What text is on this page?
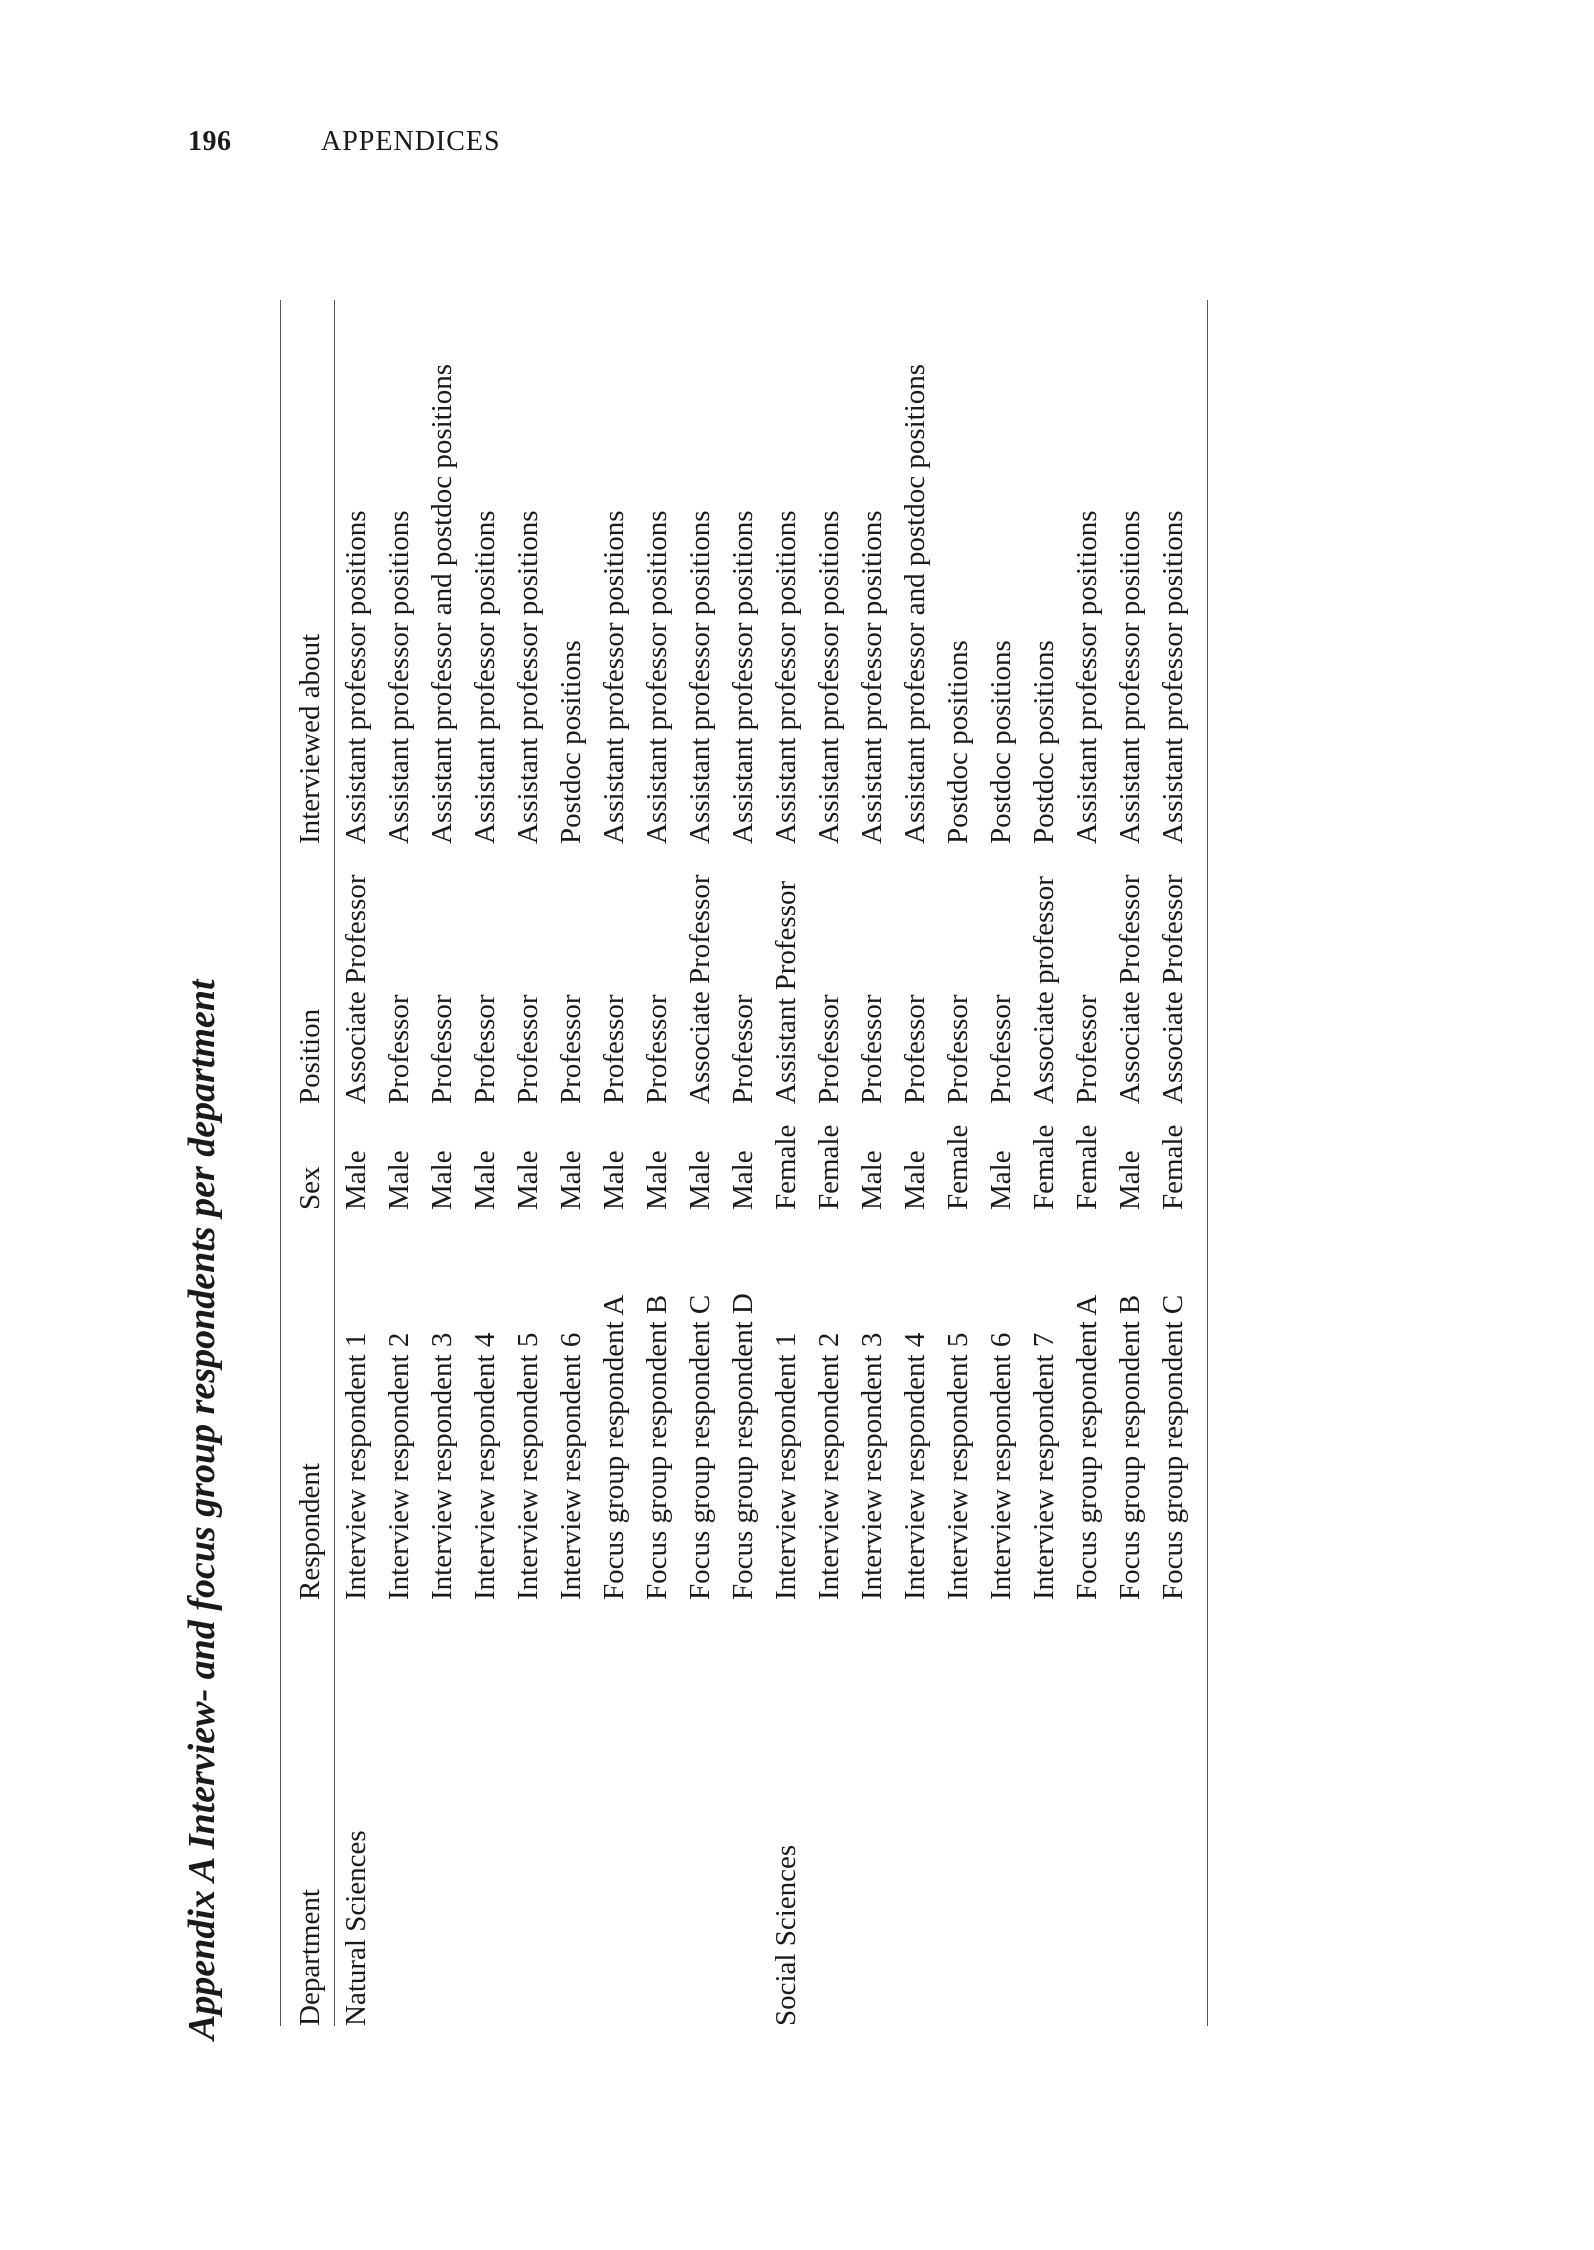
196	APPENDICES
Appendix A Interview- and focus group respondents per department Department	Respondent	Sex	Position	Interviewed about
Natural Sciences	Interview respondent 1	Male	Associate Professor	Assistant professor positions
	Interview respondent 2	Male	Professor	Assistant professor positions
	Interview respondent 3	Male	Professor	Assistant professor and postdoc positions
	Interview respondent 4	Male	Professor	Assistant professor positions
	Interview respondent 5	Male	Professor	Assistant professor positions
	Interview respondent 6	Male	Professor	Postdoc positions
	Focus group respondent A	Male	Professor	Assistant professor positions
	Focus group respondent B	Male	Professor	Assistant professor positions
	Focus group respondent C	Male	Associate Professor	Assistant professor positions
	Focus group respondent D	Male	Professor	Assistant professor positions
Social Sciences	Interview respondent 1	Female	Assistant Professor	Assistant professor positions
	Interview respondent 2	Female	Professor	Assistant professor positions
	Interview respondent 3	Male	Professor	Assistant professor positions
	Interview respondent 4	Male	Professor	Assistant professor and postdoc positions
	Interview respondent 5	Female	Professor	Postdoc positions
	Interview respondent 6	Male	Professor	Postdoc positions
	Interview respondent 7	Female	Associate professor	Postdoc positions
	Focus group respondent A	Female	Professor	Assistant professor positions
	Focus group respondent B	Male	Associate Professor	Assistant professor positions
	Focus group respondent C	Female	Associate Professor	Assistant professor positions
